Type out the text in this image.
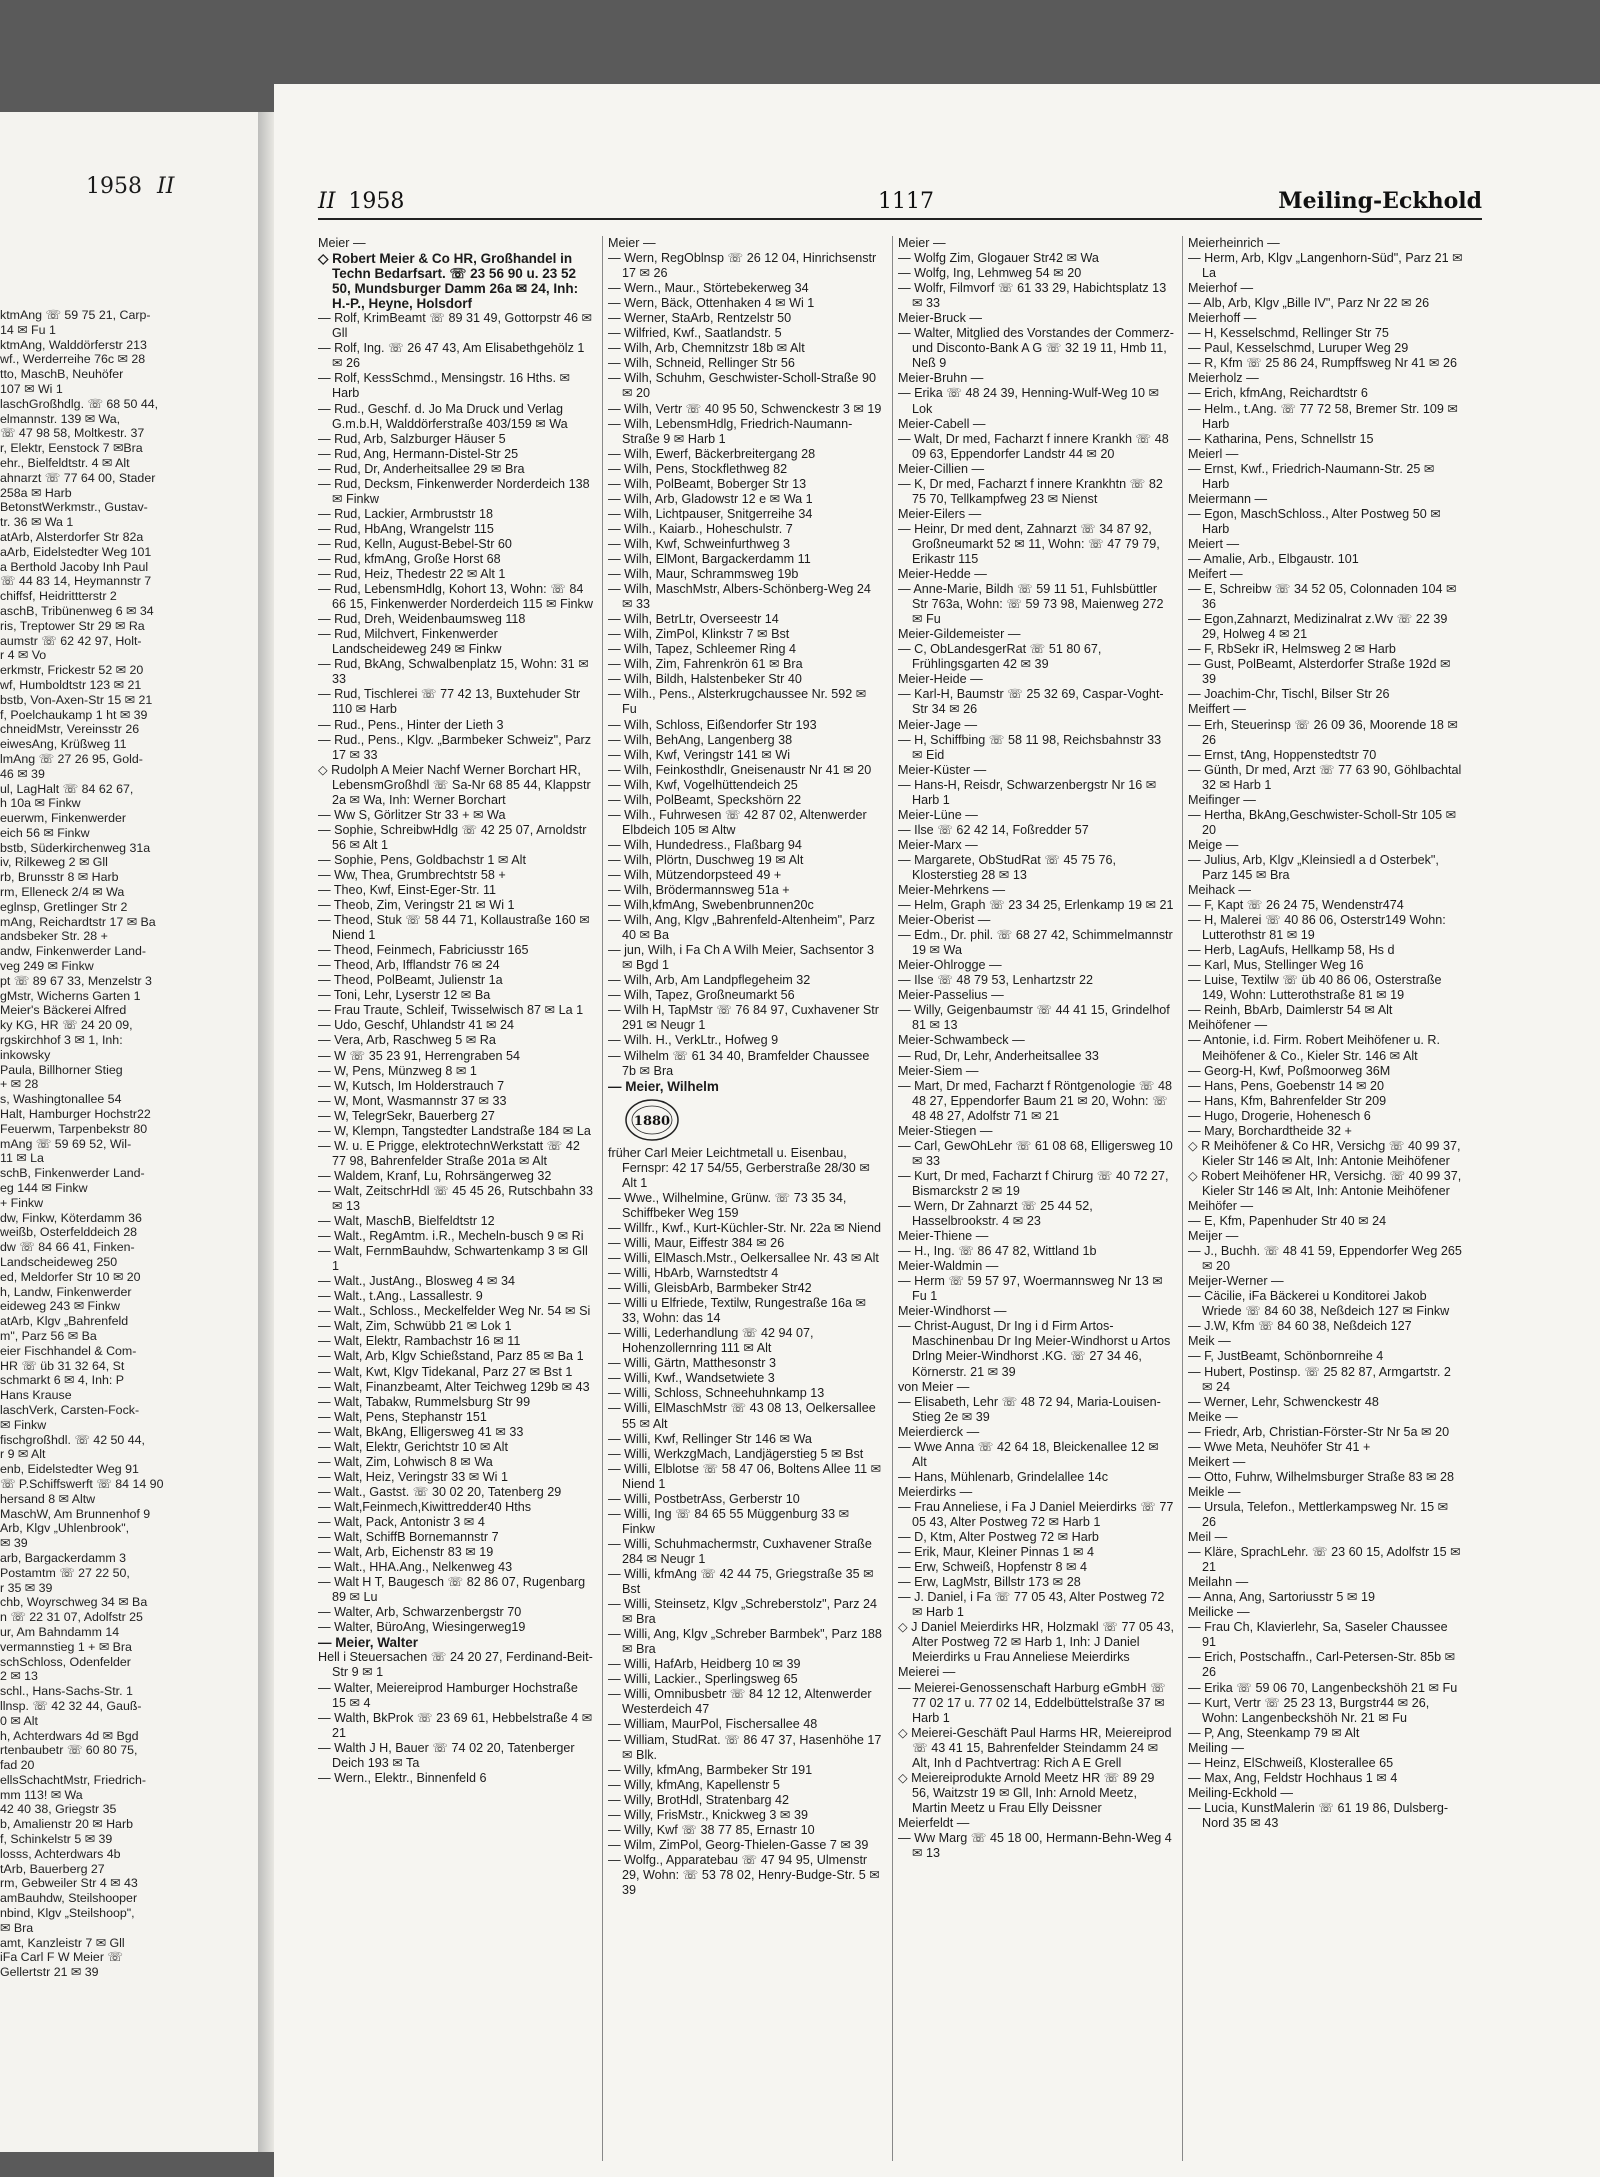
1958 II
ktmAng ☏ 59 75 21, Carp-
14 ✉ Fu 1
ktmAng, Walddörferstr 213
wf., Werderreihe 76c ✉ 28
tto, MaschB, Neuhöfer
107 ✉ Wi 1
laschGroßhdlg. ☏ 68 50 44,
elmannstr. 139 ✉ Wa,
☏ 47 98 58, Moltkestr. 37
r, Elektr, Eenstock 7 ✉Bra
ehr., Bielfeldtstr. 4 ✉ Alt
ahnarzt ☏ 77 64 00, Stader
258a ✉ Harb
BetonstWerkmstr., Gustav-
tr. 36 ✉ Wa 1
atArb, Alsterdorfer Str 82a
aArb, Eidelstedter Weg 101
a Berthold Jacoby Inh Paul
☏ 44 83 14, Heymannstr 7
chiffsf, Heidrittterstr 2
aschB, Tribünenweg 6 ✉ 34
ris, Treptower Str 29 ✉ Ra
aumstr ☏ 62 42 97, Holt-
r 4 ✉ Vo
erkmstr, Frickestr 52 ✉ 20
wf, Humboldtstr 123 ✉ 21
bstb, Von-Axen-Str 15 ✉ 21
f, Poelchaukamp 1 ht ✉ 39
chneidMstr, Vereinsstr 26
eiwesAng, Krüßweg 11
lmAng ☏ 27 26 95, Gold-
46 ✉ 39
ul, LagHalt ☏ 84 62 67,
h 10a ✉ Finkw
euerwm, Finkenwerder
eich 56 ✉ Finkw
bstb, Süderkirchenweg 31a
iv, Rilkeweg 2 ✉ Gll
rb, Brunsstr 8 ✉ Harb
rm, Elleneck 2/4 ✉ Wa
eglnsp, Gretlinger Str 2
mAng, Reichardtstr 17 ✉ Ba
andsbeker Str. 28 +
andw, Finkenwerder Land-
veg 249 ✉ Finkw
pt ☏ 89 67 33, Menzelstr 3
gMstr, Wicherns Garten 1
Meier's Bäckerei Alfred
ky KG, HR ☏ 24 20 09,
rgskirchhof 3 ✉ 1, Inh:
inkowsky
Paula, Billhorner Stieg
+ ✉ 28
s, Washingtonallee 54
Halt, Hamburger Hochstr22
Feuerwm, Tarpenbekstr 80
mAng ☏ 59 69 52, Wil-
11 ✉ La
schB, Finkenwerder Land-
eg 144 ✉ Finkw
+ Finkw
dw, Finkw, Köterdamm 36
weißb, Osterfelddeich 28
dw ☏ 84 66 41, Finken-
Landscheideweg 250
ed, Meldorfer Str 10 ✉ 20
h, Landw, Finkenwerder
eideweg 243 ✉ Finkw
atArb, Klgv „Bahrenfeld
m", Parz 56 ✉ Ba
eier Fischhandel & Com-
HR ☏ üb 31 32 64, St
schmarkt 6 ✉ 4, Inh: P
Hans Krause
laschVerk, Carsten-Fock-
✉ Finkw
fischgroßhdl. ☏ 42 50 44,
r 9 ✉ Alt
enb, Eidelstedter Weg 91
☏ P.Schiffswerft ☏ 84 14 90
hersand 8 ✉ Altw
MaschW, Am Brunnenhof 9
Arb, Klgv „Uhlenbrook",
✉ 39
arb, Bargackerdamm 3
Postamtm ☏ 27 22 50,
r 35 ✉ 39
chb, Woyrschweg 34 ✉ Ba
n ☏ 22 31 07, Adolfstr 25
ur, Am Bahndamm 14
vermannstieg 1 + ✉ Bra
schSchloss, Odenfelder
2 ✉ 13
schl., Hans-Sachs-Str. 1
llnsp. ☏ 42 32 44, Gauß-
0 ✉ Alt
h, Achterdwars 4d ✉ Bgd
rtenbaubetr ☏ 60 80 75,
fad 20
ellsSchachtMstr, Friedrich-
mm 113! ✉ Wa
42 40 38, Griegstr 35
b, Amalienstr 20 ✉ Harb
f, Schinkelstr 5 ✉ 39
losss, Achterdwars 4b
tArb, Bauerberg 27
rm, Gebweiler Str 4 ✉ 43
amBauhdw, Steilshooper
nbind, Klgv „Steilshoop",
✉ Bra
amt, Kanzleistr 7 ✉ Gll
iFa Carl F W Meier ☏
Gellertstr 21 ✉ 39
II 1958	1117	Meiling-Eckhold
Meier —
◇ Robert Meier & Co HR, Großhandel in Techn Bedarfsart. ☏ 23 56 90 u. 23 52 50, Mundsburger Damm 26a ✉ 24, Inh: H.-P., Heyne, Holsdorf
— Rolf, KrimBeamt ☏ 89 31 49, Gottorpstr 46 ✉ Gll
— Rolf, Ing. ☏ 26 47 43, Am Elisabethgehölz 1 ✉ 26
— Rolf, KessSchmd., Mensingstr. 16 Hths. ✉ Harb
— Rud., Geschf. d. Jo Ma Druck und Verlag G.m.b.H, Walddörferstraße 403/159 ✉ Wa
— Rud, Arb, Salzburger Häuser 5
— Rud, Ang, Hermann-Distel-Str 25
— Rud, Dr, Anderheitsallee 29 ✉ Bra
— Rud, Decksm, Finkenwerder Norderdeich 138 ✉ Finkw
— Rud, Lackier, Armbruststr 18
— Rud, HbAng, Wrangelstr 115
— Rud, Kelln, August-Bebel-Str 60
— Rud, kfmAng, Große Horst 68
— Rud, Heiz, Thedestr 22 ✉ Alt 1
— Rud, LebensmHdlg, Kohort 13, Wohn: ☏ 84 66 15, Finkenwerder Norderdeich 115 ✉ Finkw
— Rud, Dreh, Weidenbaumsweg 118
— Rud, Milchvert, Finkenwerder Landscheideweg 249 ✉ Finkw
— Rud, BkAng, Schwalbenplatz 15, Wohn: 31 ✉ 33
— Rud, Tischlerei ☏ 77 42 13, Buxtehuder Str 110 ✉ Harb
— Rud., Pens., Hinter der Lieth 3
— Rud., Pens., Klgv. „Barmbeker Schweiz", Parz 17 ✉ 33
◇ Rudolph A Meier Nachf Werner Borchart HR, LebensmGroßhdl ☏ Sa-Nr 68 85 44, Klappstr 2a ✉ Wa, Inh: Werner Borchart
— Ww S, Görlitzer Str 33 + ✉ Wa
— Sophie, SchreibwHdlg ☏ 42 25 07, Arnoldstr 56 ✉ Alt 1
— Sophie, Pens, Goldbachstr 1 ✉ Alt
— Ww, Thea, Grumbrechtstr 58 +
— Theo, Kwf, Einst-Eger-Str. 11
— Theob, Zim, Veringstr 21 ✉ Wi 1
— Theod, Stuk ☏ 58 44 71, Kollaustraße 160 ✉ Niend 1
— Theod, Feinmech, Fabriciusstr 165
— Theod, Arb, Ifflandstr 76 ✉ 24
— Theod, PolBeamt, Julienstr 1a
— Toni, Lehr, Lyserstr 12 ✉ Ba
— Frau Traute, Schleif, Twisselwisch 87 ✉ La 1
— Udo, Geschf, Uhlandstr 41 ✉ 24
— Vera, Arb, Raschweg 5 ✉ Ra
— W ☏ 35 23 91, Herrengraben 54
— W, Pens, Münzweg 8 ✉ 1
— W, Kutsch, Im Holderstrauch 7
— W, Mont, Wasmannstr 37 ✉ 33
— W, TelegrSekr, Bauerberg 27
— W, Klempn, Tangstedter Landstraße 184 ✉ La
— W. u. E Prigge, elektrotechnWerkstatt ☏ 42 77 98, Bahrenfelder Straße 201a ✉ Alt
— Waldem, Kranf, Lu, Rohrsängerweg 32
— Walt, ZeitschrHdl ☏ 45 45 26, Rutschbahn 33 ✉ 13
— Walt, MaschB, Bielfeldtstr 12
— Walt., RegAmtm. i.R., Mecheln-busch 9 ✉ Ri
— Walt, FernmBauhdw, Schwartenkamp 3 ✉ Gll 1
— Walt., JustAng., Blosweg 4 ✉ 34
— Walt., t.Ang., Lassallestr. 9
— Walt., Schloss., Meckelfelder Weg Nr. 54 ✉ Si
— Walt, Zim, Schwübb 21 ✉ Lok 1
— Walt, Elektr, Rambachstr 16 ✉ 11
— Walt, Arb, Klgv Schießstand, Parz 85 ✉ Ba 1
— Walt, Kwt, Klgv Tidekanal, Parz 27 ✉ Bst 1
— Walt, Finanzbeamt, Alter Teichweg 129b ✉ 43
— Walt, Tabakw, Rummelsburg Str 99
— Walt, Pens, Stephanstr 151
— Walt, BkAng, Elligersweg 41 ✉ 33
— Walt, Elektr, Gerichtstr 10 ✉ Alt
— Walt, Zim, Lohwisch 8 ✉ Wa
— Walt, Heiz, Veringstr 33 ✉ Wi 1
— Walt., Gastst. ☏ 30 02 20, Tatenberg 29
— Walt,Feinmech,Kiwittredder40 Hths
— Walt, Pack, Antonistr 3 ✉ 4
— Walt, SchiffB Bornemannstr 7
— Walt, Arb, Eichenstr 83 ✉ 19
— Walt., HHA.Ang., Nelkenweg 43
— Walt H T, Baugesch ☏ 82 86 07, Rugenbarg 89 ✉ Lu
— Walter, Arb, Schwarzenbergstr 70
— Walter, BüroAng, Wiesingerweg19
— Meier, Walter
Hell i Steuersachen ☏ 24 20 27, Ferdinand-Beit-Str 9 ✉ 1
— Walter, Meiereiprod Hamburger Hochstraße 15 ✉ 4
— Walth, BkProk ☏ 23 69 61, Hebbelstraße 4 ✉ 21
— Walth J H, Bauer ☏ 74 02 20, Tatenberger Deich 193 ✉ Ta
— Wern., Elektr., Binnenfeld 6
Meier —
— Wern, RegOblnsp ☏ 26 12 04, Hinrichsenstr 17 ✉ 26
— Wern., Maur., Störtebekerweg 34
— Wern, Bäck, Ottenhaken 4 ✉ Wi 1
— Werner, StaArb, Rentzelstr 50
— Wilfried, Kwf., Saatlandstr. 5
— Wilh, Arb, Chemnitzstr 18b ✉ Alt
— Wilh, Schneid, Rellinger Str 56
— Wilh, Schuhm, Geschwister-Scholl-Straße 90 ✉ 20
— Wilh, Vertr ☏ 40 95 50, Schwenckestr 3 ✉ 19
— Wilh, LebensmHdlg, Friedrich-Naumann-Straße 9 ✉ Harb 1
— Wilh, Ewerf, Bäckerbreitergang 28
— Wilh, Pens, Stockflethweg 82
— Wilh, PolBeamt, Boberger Str 13
— Wilh, Arb, Gladowstr 12 e ✉ Wa 1
— Wilh, Lichtpauser, Snitgerreihe 34
— Wilh., Kaiarb., Hoheschulstr. 7
— Wilh, Kwf, Schweinfurthweg 3
— Wilh, ElMont, Bargackerdamm 11
— Wilh, Maur, Schrammsweg 19b
— Wilh, MaschMstr, Albers-Schönberg-Weg 24 ✉ 33
— Wilh, BetrLtr, Overseestr 14
— Wilh, ZimPol, Klinkstr 7 ✉ Bst
— Wilh, Tapez, Schleemer Ring 4
— Wilh, Zim, Fahrenkrön 61 ✉ Bra
— Wilh, Bildh, Halstenbeker Str 40
— Wilh., Pens., Alsterkrugchaussee Nr. 592 ✉ Fu
— Wilh, Schloss, Eißendorfer Str 193
— Wilh, BehAng, Langenberg 38
— Wilh, Kwf, Veringstr 141 ✉ Wi
— Wilh, Feinkosthdlr, Gneisenaustr Nr 41 ✉ 20
— Wilh, Kwf, Vogelhüttendeich 25
— Wilh, PolBeamt, Speckshörn 22
— Wilh., Fuhrwesen ☏ 42 87 02, Altenwerder Elbdeich 105 ✉ Altw
— Wilh, Hundedress., Flaßbarg 94
— Wilh, Plörtn, Duschweg 19 ✉ Alt
— Wilh, Mützendorpsteed 49 +
— Wilh, Brödermannsweg 51a +
— Wilh,kfmAng, Swebenbrunnen20c
— Wilh, Ang, Klgv „Bahrenfeld-Altenheim", Parz 40 ✉ Ba
— jun, Wilh, i Fa Ch A Wilh Meier, Sachsentor 3 ✉ Bgd 1
— Wilh, Arb, Am Landpflegeheim 32
— Wilh, Tapez, Großneumarkt 56
— Wilh H, TapMstr ☏ 76 84 97, Cuxhavener Str 291 ✉ Neugr 1
— Wilh. H., VerkLtr., Hofweg 9
— Wilhelm ☏ 61 34 40, Bramfelder Chaussee 7b ✉ Bra
— Meier, Wilhelm

1880
früher Carl Meier Leichtmetall u. Eisenbau, Fernspr: 42 17 54/55, Gerberstraße 28/30 ✉ Alt 1
— Wwe., Wilhelmine, Grünw. ☏ 73 35 34, Schiffbeker Weg 159
— Willfr., Kwf., Kurt-Küchler-Str. Nr. 22a ✉ Niend
— Willi, Maur, Eiffestr 384 ✉ 26
— Willi, ElMasch.Mstr., Oelkersallee Nr. 43 ✉ Alt
— Willi, HbArb, Warnstedtstr 4
— Willi, GleisbArb, Barmbeker Str42
— Willi u Elfriede, Textilw, Rungestraße 16a ✉ 33, Wohn: das 14
— Willi, Lederhandlung ☏ 42 94 07, Hohenzollernring 111 ✉ Alt
— Willi, Gärtn, Matthesonstr 3
— Willi, Kwf., Wandsetwiete 3
— Willi, Schloss, Schneehuhnkamp 13
— Willi, ElMaschMstr ☏ 43 08 13, Oelkersallee 55 ✉ Alt
— Willi, Kwf, Rellinger Str 146 ✉ Wa
— Willi, WerkzgMach, Landjägerstieg 5 ✉ Bst
— Willi, Elblotse ☏ 58 47 06, Boltens Allee 11 ✉ Niend 1
— Willi, PostbetrAss, Gerberstr 10
— Willi, Ing ☏ 84 65 55 Müggenburg 33 ✉ Finkw
— Willi, Schuhmachermstr, Cuxhavener Straße 284 ✉ Neugr 1
— Willi, kfmAng ☏ 42 44 75, Griegstraße 35 ✉ Bst
— Willi, Steinsetz, Klgv „Schreberstolz", Parz 24 ✉ Bra
— Willi, Ang, Klgv „Schreber Barmbek", Parz 188 ✉ Bra
— Willi, HafArb, Heidberg 10 ✉ 39
— Willi, Lackier., Sperlingsweg 65
— Willi, Omnibusbetr ☏ 84 12 12, Altenwerder Westerdeich 47
— William, MaurPol, Fischersallee 48
— William, StudRat. ☏ 86 47 37, Hasenhöhe 17 ✉ Blk.
— Willy, kfmAng, Barmbeker Str 191
— Willy, kfmAng, Kapellenstr 5
— Willy, BrotHdl, Stratenbarg 42
— Willy, FrisMstr., Knickweg 3 ✉ 39
— Willy, Kwf ☏ 38 77 85, Ernastr 10
— Wilm, ZimPol, Georg-Thielen-Gasse 7 ✉ 39
— Wolfg., Apparatebau ☏ 47 94 95, Ulmenstr 29, Wohn: ☏ 53 78 02, Henry-Budge-Str. 5 ✉ 39
Meier —
— Wolfg Zim, Glogauer Str42 ✉ Wa
— Wolfg, Ing, Lehmweg 54 ✉ 20
— Wolfr, Filmvorf ☏ 61 33 29, Habichtsplatz 13 ✉ 33
Meier-Bruck —
— Walter, Mitglied des Vorstandes der Commerz- und Disconto-Bank A G ☏ 32 19 11, Hmb 11, Neß 9
Meier-Bruhn —
— Erika ☏ 48 24 39, Henning-Wulf-Weg 10 ✉ Lok
Meier-Cabell —
— Walt, Dr med, Facharzt f innere Krankh ☏ 48 09 63, Eppendorfer Landstr 44 ✉ 20
Meier-Cillien —
— K, Dr med, Facharzt f innere Krankhtn ☏ 82 75 70, Tellkampfweg 23 ✉ Nienst
Meier-Eilers —
— Heinr, Dr med dent, Zahnarzt ☏ 34 87 92, Großneumarkt 52 ✉ 11, Wohn: ☏ 47 79 79, Erikastr 115
Meier-Hedde —
— Anne-Marie, Bildh ☏ 59 11 51, Fuhlsbüttler Str 763a, Wohn: ☏ 59 73 98, Maienweg 272 ✉ Fu
Meier-Gildemeister —
— C, ObLandesgerRat ☏ 51 80 67, Frühlingsgarten 42 ✉ 39
Meier-Heide —
— Karl-H, Baumstr ☏ 25 32 69, Caspar-Voght-Str 34 ✉ 26
Meier-Jage —
— H, Schiffbing ☏ 58 11 98, Reichsbahnstr 33 ✉ Eid
Meier-Küster —
— Hans-H, Reisdr, Schwarzenbergstr Nr 16 ✉ Harb 1
Meier-Lüne —
— Ilse ☏ 62 42 14, Foßredder 57
Meier-Marx —
— Margarete, ObStudRat ☏ 45 75 76, Klosterstieg 28 ✉ 13
Meier-Mehrkens —
— Helm, Graph ☏ 23 34 25, Erlenkamp 19 ✉ 21
Meier-Oberist —
— Edm., Dr. phil. ☏ 68 27 42, Schimmelmannstr 19 ✉ Wa
Meier-Ohlrogge —
— Ilse ☏ 48 79 53, Lenhartzstr 22
Meier-Passelius —
— Willy, Geigenbaumstr ☏ 44 41 15, Grindelhof 81 ✉ 13
Meier-Schwambeck —
— Rud, Dr, Lehr, Anderheitsallee 33
Meier-Siem —
— Mart, Dr med, Facharzt f Röntgenologie ☏ 48 48 27, Eppendorfer Baum 21 ✉ 20, Wohn: ☏ 48 48 27, Adolfstr 71 ✉ 21
Meier-Stiegen —
— Carl, GewOhLehr ☏ 61 08 68, Elligersweg 10 ✉ 33
— Kurt, Dr med, Facharzt f Chirurg ☏ 40 72 27, Bismarckstr 2 ✉ 19
— Wern, Dr Zahnarzt ☏ 25 44 52, Hasselbrookstr. 4 ✉ 23
Meier-Thiene —
— H., Ing. ☏ 86 47 82, Wittland 1b
Meier-Waldmin —
— Herm ☏ 59 57 97, Woermannsweg Nr 13 ✉ Fu 1
Meier-Windhorst —
— Christ-August, Dr Ing i d Firm Artos-Maschinenbau Dr Ing Meier-Windhorst u Artos Drlng Meier-Windhorst .KG. ☏ 27 34 46, Körnerstr. 21 ✉ 39
von Meier —
— Elisabeth, Lehr ☏ 48 72 94, Maria-Louisen-Stieg 2e ✉ 39
Meierdierck —
— Wwe Anna ☏ 42 64 18, Bleickenallee 12 ✉ Alt
— Hans, Mühlenarb, Grindelallee 14c
Meierdirks —
— Frau Anneliese, i Fa J Daniel Meierdirks ☏ 77 05 43, Alter Postweg 72 ✉ Harb 1
— D, Ktm, Alter Postweg 72 ✉ Harb
— Erik, Maur, Kleiner Pinnas 1 ✉ 4
— Erw, Schweiß, Hopfenstr 8 ✉ 4
— Erw, LagMstr, Billstr 173 ✉ 28
— J. Daniel, i Fa ☏ 77 05 43, Alter Postweg 72 ✉ Harb 1
◇ J Daniel Meierdirks HR, Holzmakl ☏ 77 05 43, Alter Postweg 72 ✉ Harb 1, Inh: J Daniel Meierdirks u Frau Anneliese Meierdirks
Meierei —
— Meierei-Genossenschaft Harburg eGmbH ☏ 77 02 17 u. 77 02 14, Eddelbüttelstraße 37 ✉ Harb 1
◇ Meierei-Geschäft Paul Harms HR, Meiereiprod ☏ 43 41 15, Bahrenfelder Steindamm 24 ✉ Alt, Inh d Pachtvertrag: Rich A E Grell
◇ Meiereiprodukte Arnold Meetz HR ☏ 89 29 56, Waitzstr 19 ✉ Gll, Inh: Arnold Meetz, Martin Meetz u Frau Elly Deissner
Meierfeldt —
— Ww Marg ☏ 45 18 00, Hermann-Behn-Weg 4 ✉ 13
Meierheinrich —
— Herm, Arb, Klgv „Langenhorn-Süd", Parz 21 ✉ La
Meierhof —
— Alb, Arb, Klgv „Bille IV", Parz Nr 22 ✉ 26
Meierhoff —
— H, Kesselschmd, Rellinger Str 75
— Paul, Kesselschmd, Luruper Weg 29
— R, Kfm ☏ 25 86 24, Rumpffsweg Nr 41 ✉ 26
Meierholz —
— Erich, kfmAng, Reichardtstr 6
— Helm., t.Ang. ☏ 77 72 58, Bremer Str. 109 ✉ Harb
— Katharina, Pens, Schnellstr 15
Meierl —
— Ernst, Kwf., Friedrich-Naumann-Str. 25 ✉ Harb
Meiermann —
— Egon, MaschSchloss., Alter Postweg 50 ✉ Harb
Meiert —
— Amalie, Arb., Elbgaustr. 101
Meifert —
— E, Schreibw ☏ 34 52 05, Colonnaden 104 ✉ 36
— Egon,Zahnarzt, Medizinalrat z.Wv ☏ 22 39 29, Holweg 4 ✉ 21
— F, RbSekr iR, Helmsweg 2 ✉ Harb
— Gust, PolBeamt, Alsterdorfer Straße 192d ✉ 39
— Joachim-Chr, Tischl, Bilser Str 26
Meiffert —
— Erh, Steuerinsp ☏ 26 09 36, Moorende 18 ✉ 26
— Ernst, tAng, Hoppenstedtstr 70
— Günth, Dr med, Arzt ☏ 77 63 90, Göhlbachtal 32 ✉ Harb 1
Meifinger —
— Hertha, BkAng,Geschwister-Scholl-Str 105 ✉ 20
Meige —
— Julius, Arb, Klgv „Kleinsiedl a d Osterbek", Parz 145 ✉ Bra
Meihack —
— F, Kapt ☏ 26 24 75, Wendenstr474
— H, Malerei ☏ 40 86 06, Osterstr149 Wohn: Lutterothstr 81 ✉ 19
— Herb, LagAufs, Hellkamp 58, Hs d
— Karl, Mus, Stellinger Weg 16
— Luise, Textilw ☏ üb 40 86 06, Osterstraße 149, Wohn: Lutterothstraße 81 ✉ 19
— Reinh, BbArb, Daimlerstr 54 ✉ Alt
Meihöfener —
— Antonie, i.d. Firm. Robert Meihöfener u. R. Meihöfener & Co., Kieler Str. 146 ✉ Alt
— Georg-H, Kwf, Poßmoorweg 36M
— Hans, Pens, Goebenstr 14 ✉ 20
— Hans, Kfm, Bahrenfelder Str 209
— Hugo, Drogerie, Hohenesch 6
— Mary, Borchardtheide 32 +
◇ R Meihöfener & Co HR, Versichg ☏ 40 99 37, Kieler Str 146 ✉ Alt, Inh: Antonie Meihöfener
◇ Robert Meihöfener HR, Versichg. ☏ 40 99 37, Kieler Str 146 ✉ Alt, Inh: Antonie Meihöfener
Meihöfer —
— E, Kfm, Papenhuder Str 40 ✉ 24
Meijer —
— J., Buchh. ☏ 48 41 59, Eppendorfer Weg 265 ✉ 20
Meijer-Werner —
— Cäcilie, iFa Bäckerei u Konditorei Jakob Wriede ☏ 84 60 38, Neßdeich 127 ✉ Finkw
— J.W, Kfm ☏ 84 60 38, Neßdeich 127
Meik —
— F, JustBeamt, Schönbornreihe 4
— Hubert, Postinsp. ☏ 25 82 87, Armgartstr. 2 ✉ 24
— Werner, Lehr, Schwenckestr 48
Meike —
— Friedr, Arb, Christian-Förster-Str Nr 5a ✉ 20
— Wwe Meta, Neuhöfer Str 41 +
Meikert —
— Otto, Fuhrw, Wilhelmsburger Straße 83 ✉ 28
Meikle —
— Ursula, Telefon., Mettlerkampsweg Nr. 15 ✉ 26
Meil —
— Kläre, SprachLehr. ☏ 23 60 15, Adolfstr 15 ✉ 21
Meilahn —
— Anna, Ang, Sartoriusstr 5 ✉ 19
Meilicke —
— Frau Ch, Klavierlehr, Sa, Saseler Chaussee 91
— Erich, Postschaffn., Carl-Petersen-Str. 85b ✉ 26
— Erika ☏ 59 06 70, Langenbeckshöh 21 ✉ Fu
— Kurt, Vertr ☏ 25 23 13, Burgstr44 ✉ 26, Wohn: Langenbeckshöh Nr. 21 ✉ Fu
— P, Ang, Steenkamp 79 ✉ Alt
Meiling —
— Heinz, ElSchweiß, Klosterallee 65
— Max, Ang, Feldstr Hochhaus 1 ✉ 4
Meiling-Eckhold —
— Lucia, KunstMalerin ☏ 61 19 86, Dulsberg-Nord 35 ✉ 43
